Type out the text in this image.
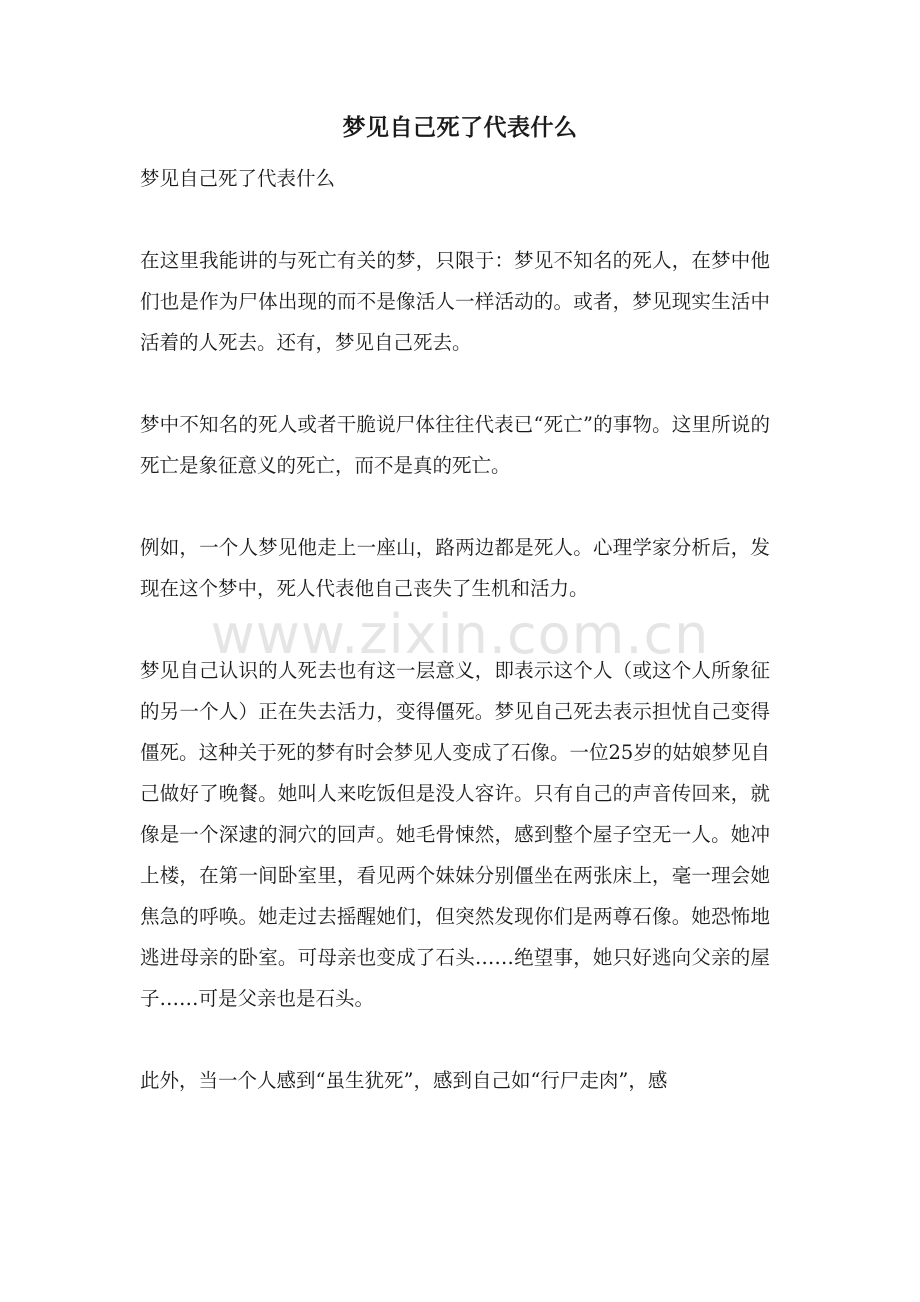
梦见自己死了代表什么

梦见自己死了代表什么

在这里我能讲的与死亡有关的梦，只限于：梦见不知名的死人，在梦中他们也是作为尸体出现的而不是像活人一样活动的。或者，梦见现实生活中活着的人死去。还有，梦见自己死去。

梦中不知名的死人或者干脆说尸体往往代表已“死亡”的事物。这里所说的死亡是象征意义的死亡，而不是真的死亡。

例如，一个人梦见他走上一座山，路两边都是死人。心理学家分析后，发现在这个梦中，死人代表他自己丧失了生机和活力。

梦见自己认识的人死去也有这一层意义，即表示这个人（或这个人所象征的另一个人）正在失去活力，变得僵死。梦见自己死去表示担忧自己变得僵死。这种关于死的梦有时会梦见人变成了石像。一位25岁的姑娘梦见自己做好了晚餐。她叫人来吃饭但是没人容许。只有自己的声音传回来，就像是一个深逮的洞穴的回声。她毛骨悚然，感到整个屋子空无一人。她冲上楼，在第一间卧室里，看见两个妹妹分别僵坐在两张床上，毫一理会她焦急的呼唤。她走过去摇醒她们，但突然发现你们是两尊石像。她恐怖地逃进母亲的卧室。可母亲也变成了石头……绝望事，她只好逃向父亲的屋子……可是父亲也是石头。

此外，当一个人感到“虽生犹死”，感到自己如“行尸走肉”，感

www.zixin.com.cn
